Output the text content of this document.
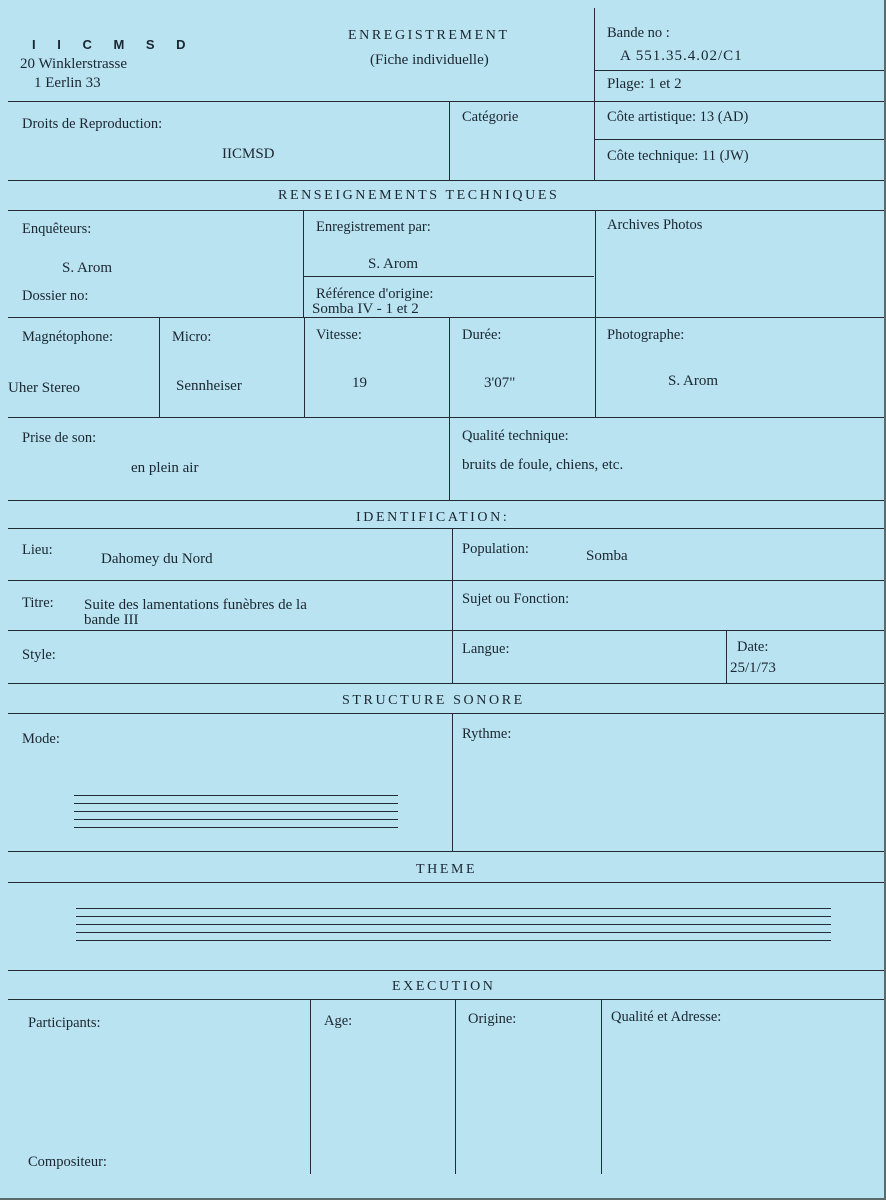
I I C M S D
20 Winklerstrasse
1 Eerlin 33
ENREGISTREMENT
(Fiche individuelle)
Bande no :
A 551.35.4.02/C1
Plage: 1 et 2
Droits de Reproduction:
IICMSD
Catégorie	Côte artistique: 13 (AD)
Côte technique: 11 (JW)
RENSEIGNEMENTS TECHNIQUES
Enquêteurs:
S. Arom
Dossier no:
Enregistrement par:
S. Arom
Référence d'origine:
Somba IV - 1 et 2
Archives Photos
Magnétophone:
Uher Stereo
Micro:
Sennheiser
Vitesse:
19
Durée:
3'07"
Photographe:
S. Arom
Prise de son:
en plein air
Qualité technique:
bruits de foule, chiens, etc.
IDENTIFICATION:
Lieu:
Dahomey du Nord
Population:	Somba
Titre: Suite des lamentations funèbres de la
bande III
Sujet ou Fonction:
Style:	Langue:	Date:
25/1/73
STRUCTURE SONORE
Mode:	Rythme:
THEME
EXECUTION
Participants:	Age:	Origine:	Qualité et Adresse:
Compositeur:
